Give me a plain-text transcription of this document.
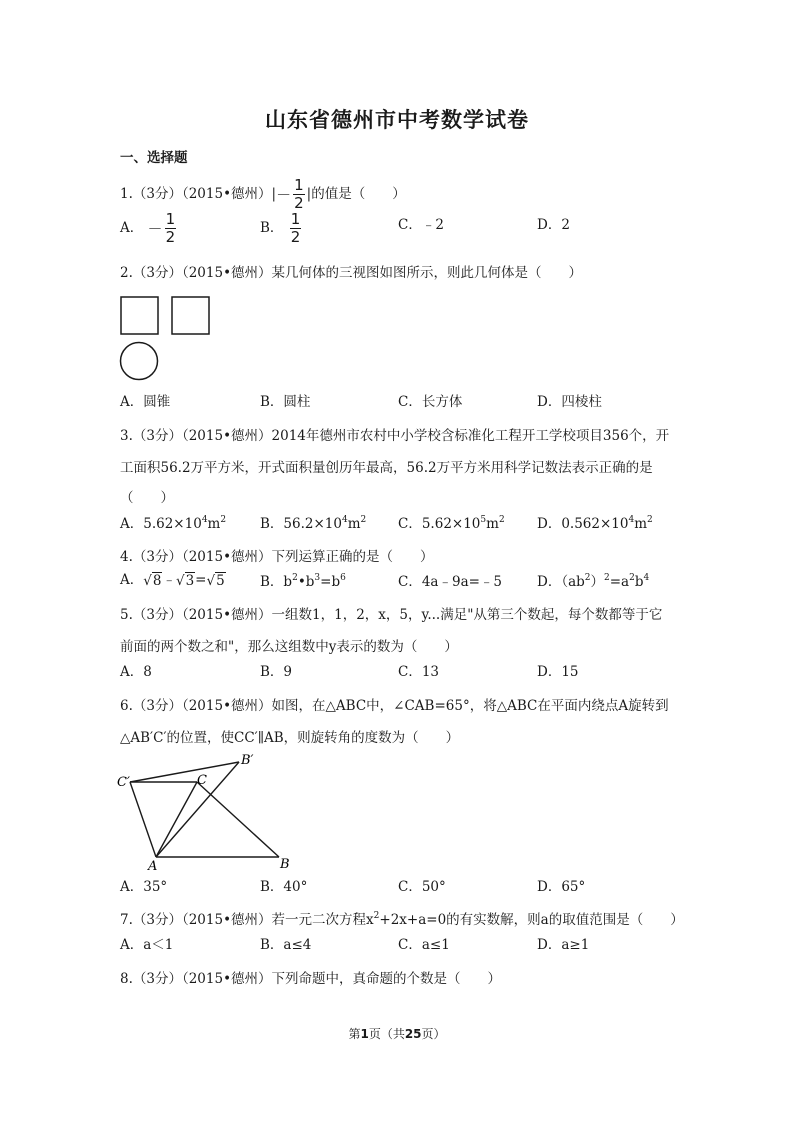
山东省德州市中考数学试卷
一、选择题
1.（3分）（2015•德州）|－ $\frac{1}{2}$ |的值是（　　）
A． － $\frac{1}{2}$	B． $\frac{1}{2}$	C．﹣2	D．2
2.（3分）（2015•德州）某几何体的三视图如图所示，则此几何体是（　　）
A．圆锥	B．圆柱	C．长方体	D．四棱柱
3.（3分）（2015•德州）2014年德州市农村中小学校含标准化工程开工学校项目356个，开
工面积56.2万平方米，开式面积量创历年最高，56.2万平方米用科学记数法表示正确的是
（　　）
A．$5.62\times 10^4m^2$	B．$56.2\times 10^4m^2$ C．$5.62\times 10^5m^2$ D．$0.562\times 10^4m^2$
4.（3分）（2015•德州）下列运算正确的是（　　）
A．√8﹣√3=√5	B．$b^2•b^3=b^6$	C．4a﹣9a=﹣5	D．$(ab^2)^2=a^2b^4$
5.（3分）（2015•德州）一组数1，1，2，x，5，y...满足"从第三个数起，每个数都等于它
前面的两个数之和"，那么这组数中y表示的数为（　　）
A．8	B．9	C．13	D．15
6.（3分）（2015•德州）如图，在△ABC中，∠CAB=65°，将△ABC在平面内绕点A旋转到
△AB′C′的位置，使CC′∥AB，则旋转角的度数为（　　）
C′	C
B′
A	B
A．35°	B．40°	C．50°	D．65°
7.（3分）（2015•德州）若一元二次方程$x^2+2x+a=0$的有实数解，则a的取值范围是（　　）
A．a＜1	B．a≤4	C．a≤1	D．a≥1
8.（3分）（2015•德州）下列命题中，真命题的个数是（　　）
第1页（共25页）
